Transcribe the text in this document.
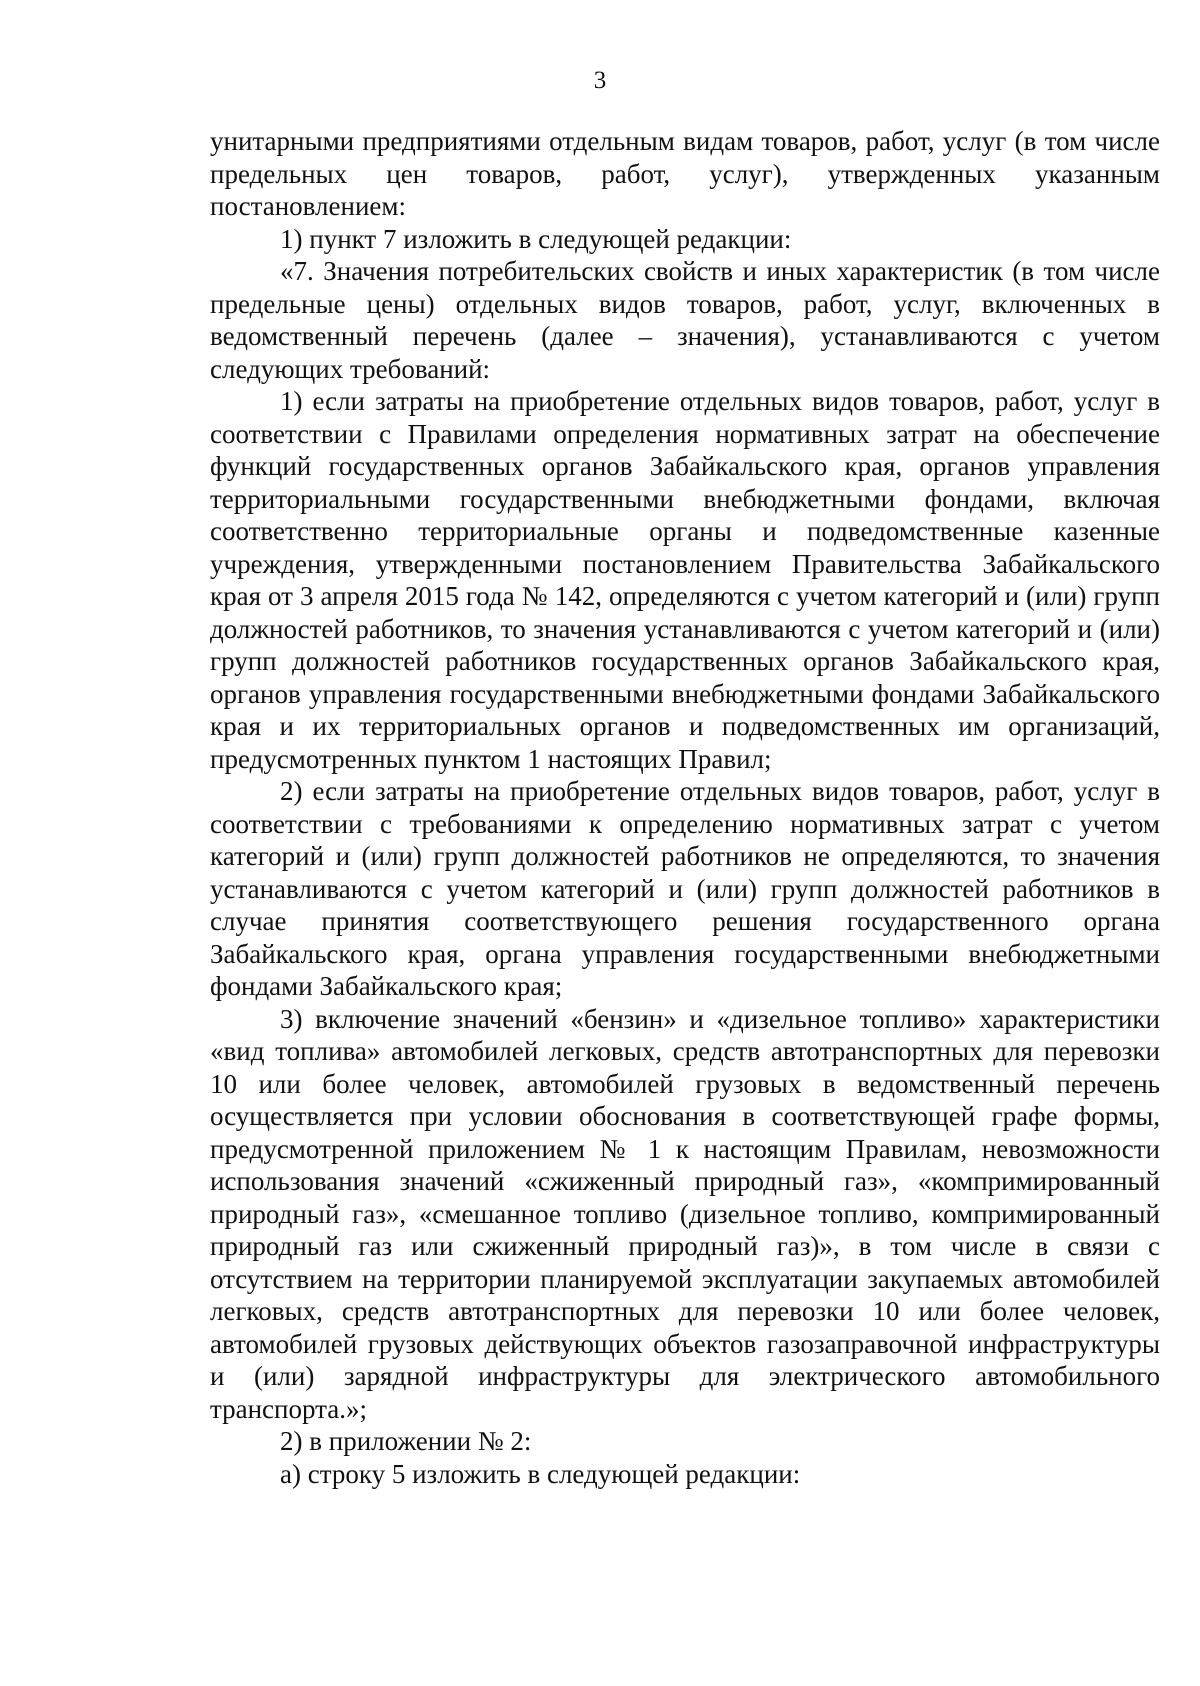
3

унитарными предприятиями отдельным видам товаров, работ, услуг (в том числе предельных цен товаров, работ, услуг), утвержденных указанным постановлением:

1) пункт 7 изложить в следующей редакции:

«7. Значения потребительских свойств и иных характеристик (в том числе предельные цены) отдельных видов товаров, работ, услуг, включенных в ведомственный перечень (далее – значения), устанавливаются с учетом следующих требований:

1) если затраты на приобретение отдельных видов товаров, работ, услуг в соответствии с Правилами определения нормативных затрат на обеспечение функций государственных органов Забайкальского края, органов управления территориальными государственными внебюджетными фондами, включая соответственно территориальные органы и подведомственные казенные учреждения, утвержденными постановлением Правительства Забайкальского края от 3 апреля 2015 года № 142, определяются с учетом категорий и (или) групп должностей работников, то значения устанавливаются с учетом категорий и (или) групп должностей работников государственных органов Забайкальского края, органов управления государственными внебюджетными фондами Забайкальского края и их территориальных органов и подведомственных им организаций, предусмотренных пунктом 1 настоящих Правил;

2) если затраты на приобретение отдельных видов товаров, работ, услуг в соответствии с требованиями к определению нормативных затрат с учетом категорий и (или) групп должностей работников не определяются, то значения устанавливаются с учетом категорий и (или) групп должностей работников в случае принятия соответствующего решения государственного органа Забайкальского края, органа управления государственными внебюджетными фондами Забайкальского края;

3) включение значений «бензин» и «дизельное топливо» характеристики «вид топлива» автомобилей легковых, средств автотранспортных для перевозки 10 или более человек, автомобилей грузовых в ведомственный перечень осуществляется при условии обоснования в соответствующей графе формы, предусмотренной приложением № 1 к настоящим Правилам, невозможности использования значений «сжиженный природный газ», «компримированный природный газ», «смешанное топливо (дизельное топливо, компримированный природный газ или сжиженный природный газ)», в том числе в связи с отсутствием на территории планируемой эксплуатации закупаемых автомобилей легковых, средств автотранспортных для перевозки 10 или более человек, автомобилей грузовых действующих объектов газозаправочной инфраструктуры и (или) зарядной инфраструктуры для электрического автомобильного транспорта.»;

2) в приложении № 2:

а) строку 5 изложить в следующей редакции:
